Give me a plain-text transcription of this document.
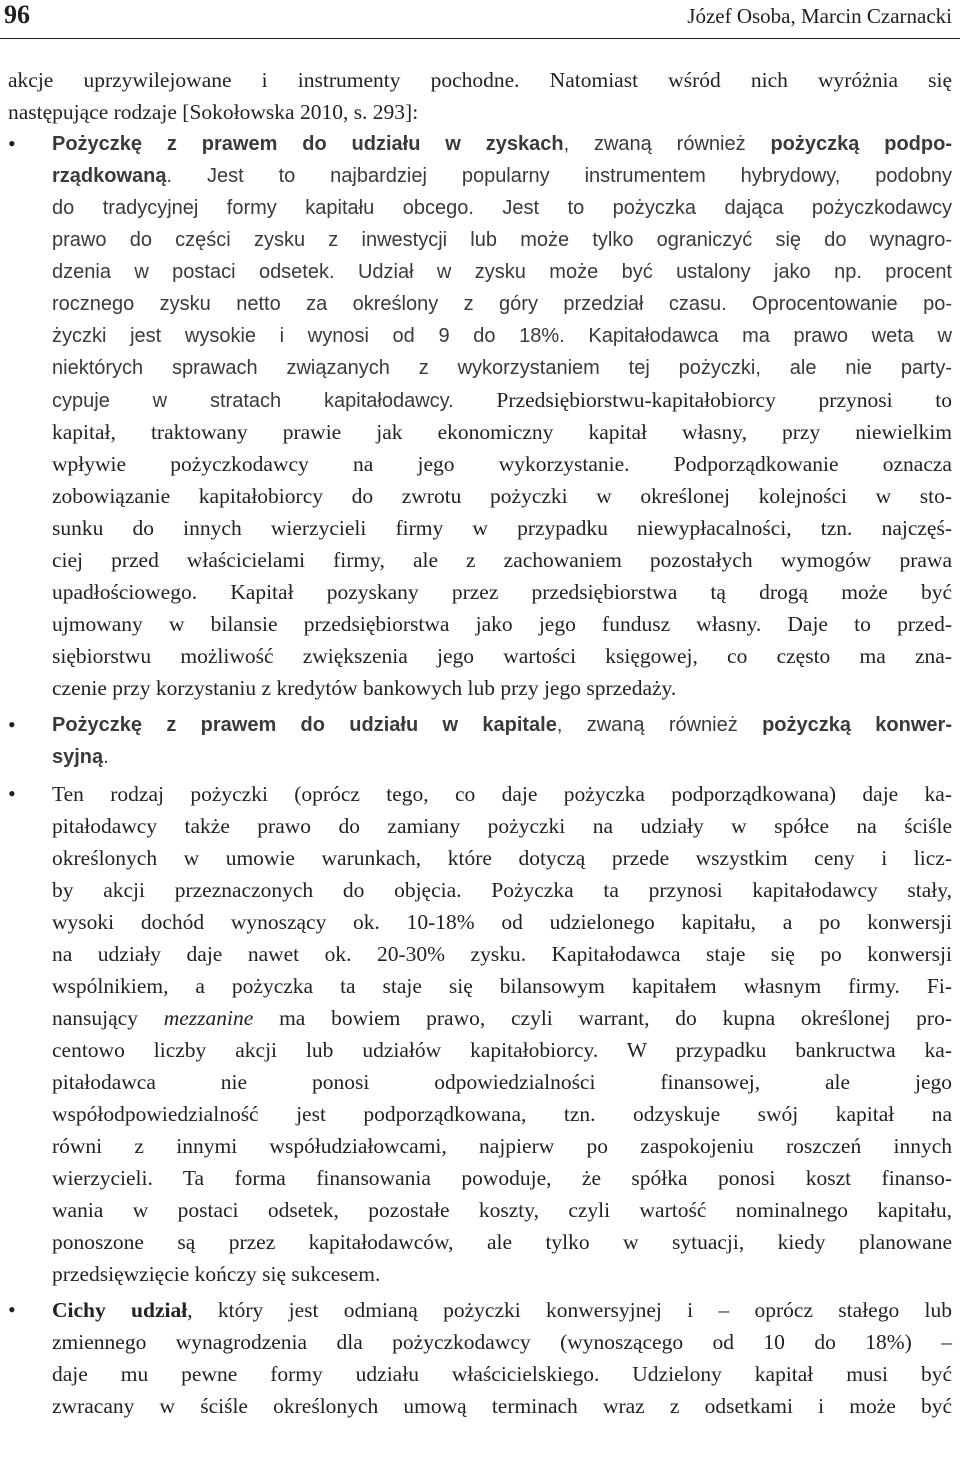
96	Józef Osoba, Marcin Czarnacki
akcje uprzywilejowane i instrumenty pochodne. Natomiast wśród nich wyróżnia się
następujące rodzaje [Sokołowska 2010, s. 293]:
•	Pożyczkę z prawem do udziału w zyskach, zwaną również pożyczką podpo-
rządkowaną. Jest to najbardziej popularny instrumentem hybrydowy, podobny
do tradycyjnej formy kapitału obcego. Jest to pożyczka dająca pożyczkodawcy
prawo do części zysku z inwestycji lub może tylko ograniczyć się do wynagro-
dzenia w postaci odsetek. Udział w zysku może być ustalony jako np. procent
rocznego zysku netto za określony z góry przedział czasu. Oprocentowanie po-
życzki jest wysokie i wynosi od 9 do 18%. Kapitałodawca ma prawo weta w
niektórych sprawach związanych z wykorzystaniem tej pożyczki, ale nie party-
cypuje w stratach kapitałodawcy. Przedsiębiorstwu-kapitałobiorcy przynosi to
kapitał, traktowany prawie jak ekonomiczny kapitał własny, przy niewielkim
wpływie pożyczkodawcy na jego wykorzystanie. Podporządkowanie oznacza
zobowiązanie kapitałobiorcy do zwrotu pożyczki w określonej kolejności w sto-
sunku do innych wierzycieli firmy w przypadku niewypłacalności, tzn. najczęś-
ciej przed właścicielami firmy, ale z zachowaniem pozostałych wymogów prawa
upadłościowego. Kapitał pozyskany przez przedsiębiorstwa tą drogą może być
ujmowany w bilansie przedsiębiorstwa jako jego fundusz własny. Daje to przed-
siębiorstwu możliwość zwiększenia jego wartości księgowej, co często ma zna-
czenie przy korzystaniu z kredytów bankowych lub przy jego sprzedaży.
•	Pożyczkę z prawem do udziału w kapitale, zwaną również pożyczką konwer-
syjną.
•	Ten rodzaj pożyczki (oprócz tego, co daje pożyczka podporządkowana) daje ka-
pitałodawcy także prawo do zamiany pożyczki na udziały w spółce na ściśle
określonych w umowie warunkach, które dotyczą przede wszystkim ceny i licz-
by akcji przeznaczonych do objęcia. Pożyczka ta przynosi kapitałodawcy stały,
wysoki dochód wynoszący ok. 10-18% od udzielonego kapitału, a po konwersji
na udziały daje nawet ok. 20-30% zysku. Kapitałodawca staje się po konwersji
wspólnikiem, a pożyczka ta staje się bilansowym kapitałem własnym firmy. Fi-
nansujący mezzanine ma bowiem prawo, czyli warrant, do kupna określonej pro-
centowo liczby akcji lub udziałów kapitałobiorcy. W przypadku bankructwa ka-
pitałodawca nie ponosi odpowiedzialności finansowej, ale jego
współodpowiedzialność jest podporządkowana, tzn. odzyskuje swój kapitał na
równi z innymi współudziałowcami, najpierw po zaspokojeniu roszczeń innych
wierzycieli. Ta forma finansowania powoduje, że spółka ponosi koszt finanso-
wania w postaci odsetek, pozostałe koszty, czyli wartość nominalnego kapitału,
ponoszone są przez kapitałodawców, ale tylko w sytuacji, kiedy planowane
przedsięwzięcie kończy się sukcesem.
•	Cichy udział, który jest odmianą pożyczki konwersyjnej i – oprócz stałego lub
zmiennego wynagrodzenia dla pożyczkodawcy (wynoszącego od 10 do 18%) –
daje mu pewne formy udziału właścicielskiego. Udzielony kapitał musi być
zwracany w ściśle określonych umową terminach wraz z odsetkami i może być
